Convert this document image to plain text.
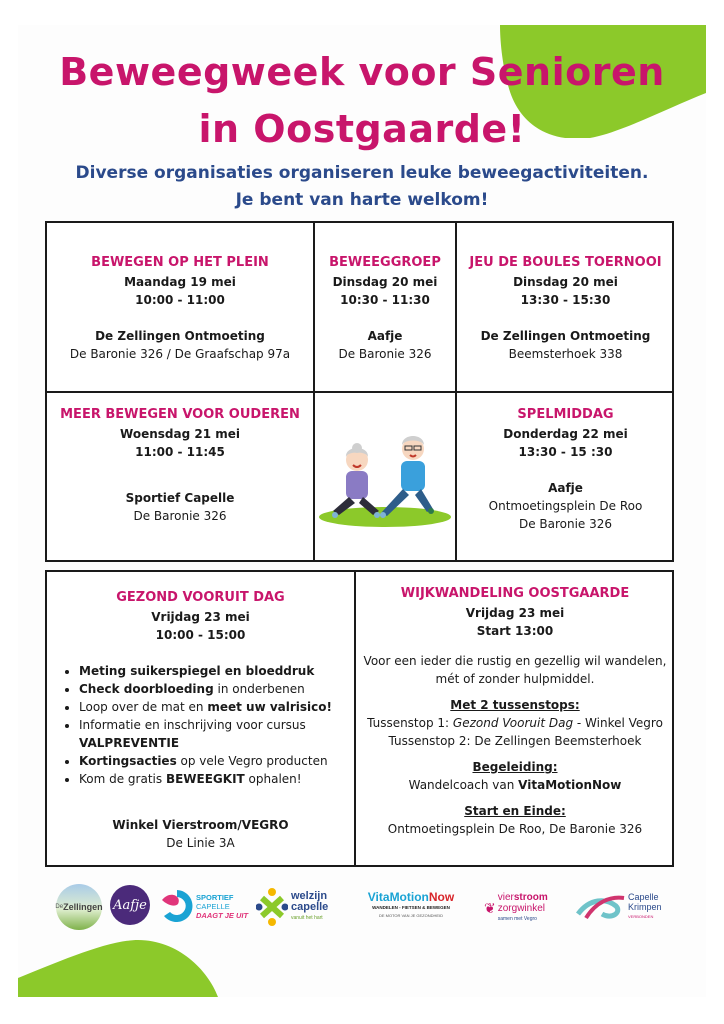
Beweegweek voor Senioren
in Oostgaarde!
Diverse organisaties organiseren leuke beweegactiviteiten.
Je bent van harte welkom!
BEWEGEN OP HET PLEIN
Maandag 19 mei
10:00 - 11:00
De Zellingen Ontmoeting
De Baronie 326 / De Graafschap 97a
BEWEEGGROEP
Dinsdag 20 mei
10:30 - 11:30
Aafje
De Baronie 326
JEU DE BOULES TOERNOOI
Dinsdag 20 mei
13:30 - 15:30
De Zellingen Ontmoeting
Beemsterhoek 338
MEER BEWEGEN VOOR OUDEREN
Woensdag 21 mei
11:00 - 11:45
Sportief Capelle
De Baronie 326
SPELMIDDAG
Donderdag 22 mei
13:30 - 15 :30
Aafje
Ontmoetingsplein De Roo
De Baronie 326
GEZOND VOORUIT DAG
Vrijdag 23 mei
10:00 - 15:00
• Meting suikerspiegel en bloeddruk
• Check doorbloeding in onderbenen
• Loop over de mat en meet uw valrisico!
• Informatie en inschrijving voor cursus
VALPREVENTIE
• Kortingsacties op vele Vegro producten
• Kom de gratis BEWEEGKIT ophalen!
Winkel Vierstroom/VEGRO
De Linie 3A
WIJKWANDELING OOSTGAARDE
Vrijdag 23 mei
Start 13:00
Voor een ieder die rustig en gezellig wil wandelen,
mét of zonder hulpmiddel.
Met 2 tussenstops:
Tussenstop 1: Gezond Vooruit Dag - Winkel Vegro
Tussenstop 2: De Zellingen Beemsterhoek
Begeleiding:
Wandelcoach van VitaMotionNow
Start en Einde:
Ontmoetingsplein De Roo, De Baronie 326
De Zellingen Aafje
SPORTIEF
CAPELLE
DAAGT JE UIT
welzijn
capelle
vanuit het hart
VitaMotionNow
WANDELEN - FIETSEN & BEWEGEN
DE MOTOR VAN JE GEZONDHEID	❦
vierstroom
zorgwinkel
samen met Vegro
Capelle
Krimpen
VERBONDEN
